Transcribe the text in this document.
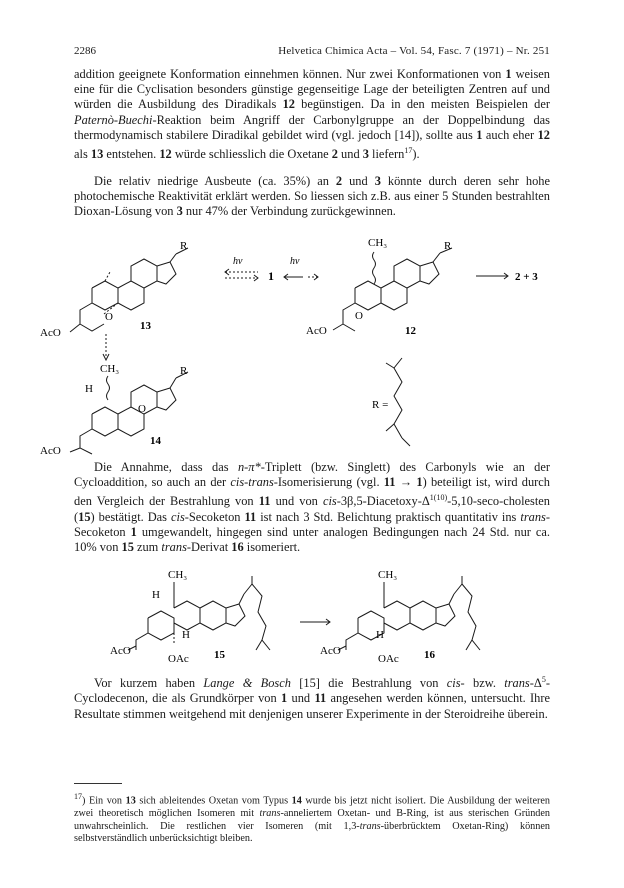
2286	Helvetica Chimica Acta – Vol. 54, Fasc. 7 (1971) – Nr. 251

addition geeignete Konformation einnehmen können. Nur zwei Konformationen von 1 weisen eine für die Cyclisation besonders günstige gegenseitige Lage der beteiligten Zentren auf und würden die Ausbildung des Diradikals 12 begünstigen. Da in den meisten Beispielen der Paternò-Buechi-Reaktion beim Angriff der Carbonylgruppe an der Doppelbindung das thermodynamisch stabilere Diradikal gebildet wird (vgl. jedoch [14]), sollte aus 1 auch eher 12 als 13 entstehen. 12 würde schliesslich die Oxetane 2 und 3 liefern$^{17}$).

Die relativ niedrige Ausbeute (ca. 35%) an 2 und 3 könnte durch deren sehr hohe photochemische Reaktivität erklärt werden. So liessen sich z.B. aus einer 5 Stunden bestrahlten Dioxan-Lösung von 3 nur 47% der Verbindung zurückgewinnen.

O
R
AcO
13
hν
1
hν
CH₃
O
R
AcO	12
2 + 3
CH₃
H
O
R
AcO
14
R =

Die Annahme, dass das n-π*-Triplett (bzw. Singlett) des Carbonyls wie an der Cycloaddition, so auch an der cis-trans-Isomerisierung (vgl. 11 → 1) beteiligt ist, wird durch den Vergleich der Bestrahlung von 11 und von cis-$3\beta,5-Diacetoxy-\Delta^{1(10)}-5,10-\sec o$-cholesten (15) bestätigt. Das cis-Secoketon 11 ist nach 3 Std. Belichtung praktisch quantitativ ins trans-Secoketon 1 umgewandelt, hingegen sind unter analogen Bedingungen nach 24 Std. nur ca. 10% von 15 zum trans-Derivat 16 isomeriert.

CH₃
H
H
AcO
OAc 15
CH₃
H
AcO
OAc 16

Vor kurzem haben Lange & Bosch [15] die Bestrahlung von cis- bzw. trans-$\Delta^5$-Cyclodecenon, die als Grundkörper von 1 und 11 angesehen werden können, untersucht. Ihre Resultate stimmen weitgehend mit denjenigen unserer Experimente in der Steroidreihe überein.

$^{17}$) Ein von 13 sich ableitendes Oxetan vom Typus 14 wurde bis jetzt nicht isoliert. Die Ausbildung der weiteren zwei theoretisch möglichen Isomeren mit trans-anneliertem Oxetan- und B-Ring, ist aus sterischen Gründen unwahrscheinlich. Die restlichen vier Isomeren (mit 1,3-trans-überbrücktem Oxetan-Ring) können selbstverständlich unberücksichtigt bleiben.
